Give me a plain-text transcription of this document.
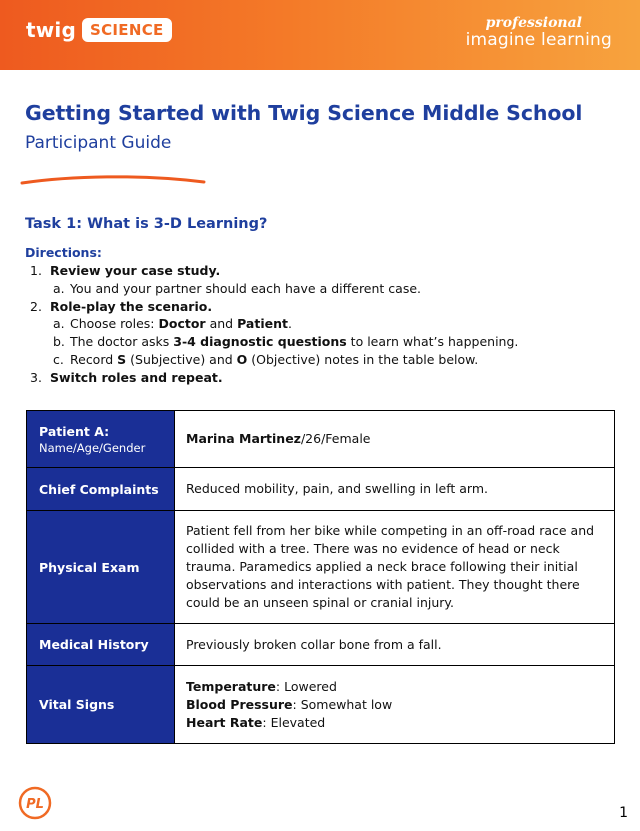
twig SCIENCE	professional
imagine learning
Getting Started with Twig Science Middle School
Participant Guide
Task 1: What is 3-D Learning?
Directions:
1. Review your case study.
a. You and your partner should each have a different case.
2. Role-play the scenario.
a. Choose roles: Doctor and Patient.
b. The doctor asks 3-4 diagnostic questions to learn what’s happening.
c. Record S (Subjective) and O (Objective) notes in the table below.
3. Switch roles and repeat.
Patient A:
Name/Age/Gender	Marina Martinez/26/Female
Chief Complaints	Reduced mobility, pain, and swelling in left arm.
Physical Exam	Patient fell from her bike while competing in an off-road race and collided with a tree. There was no evidence of head or neck trauma. Paramedics applied a neck brace following their initial observations and interactions with patient. They thought there could be an unseen spinal or cranial injury.
Medical History	Previously broken collar bone from a fall.
Vital Signs	Temperature: Lowered
Blood Pressure: Somewhat low
Heart Rate: Elevated
PL
1
